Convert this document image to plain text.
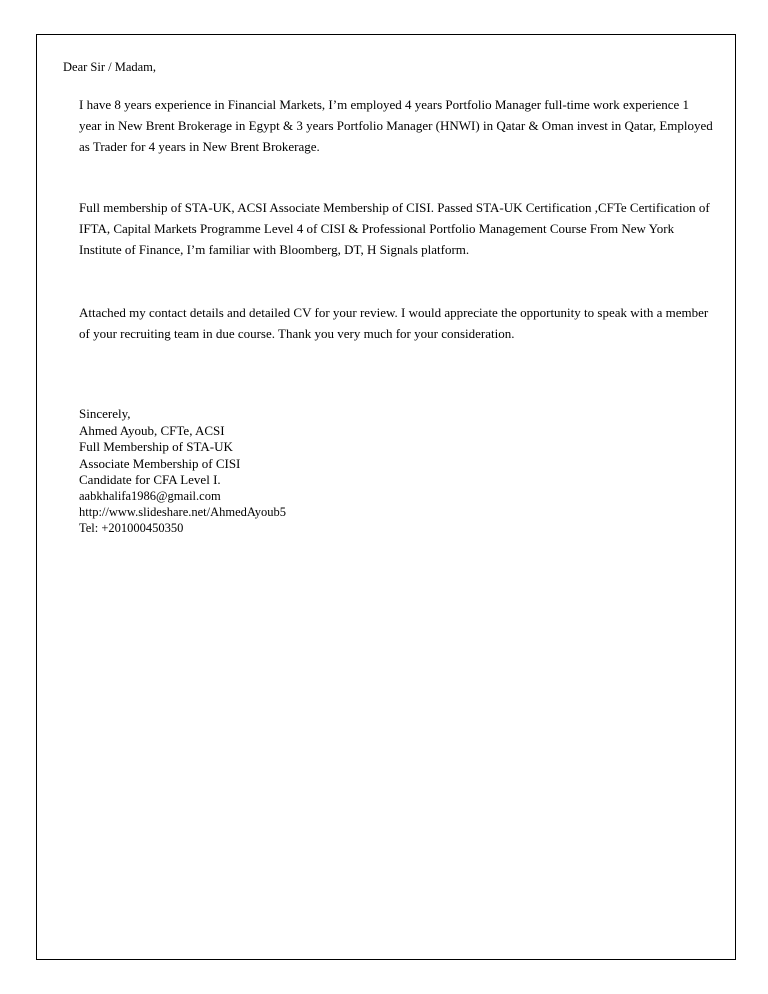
Dear Sir / Madam,

I have 8 years experience in Financial Markets, I’m employed 4 years Portfolio Manager full-time work experience 1 year in New Brent Brokerage in Egypt & 3 years Portfolio Manager (HNWI) in Qatar & Oman invest in Qatar, Employed as Trader for 4 years in New Brent Brokerage.

Full membership of STA-UK, ACSI Associate Membership of CISI. Passed STA-UK Certification ,CFTe Certification of IFTA, Capital Markets Programme Level 4 of CISI & Professional Portfolio Management Course From New York Institute of Finance, I’m familiar with Bloomberg, DT, H Signals platform.

Attached my contact details and detailed CV for your review. I would appreciate the opportunity to speak with a member of your recruiting team in due course. Thank you very much for your consideration.

Sincerely,

Ahmed Ayoub, CFTe, ACSI

Full Membership of STA-UK

Associate Membership of CISI

Candidate for CFA Level I.

aabkhalifa1986@gmail.com

http://www.slideshare.net/AhmedAyoub5

Tel: +201000450350
